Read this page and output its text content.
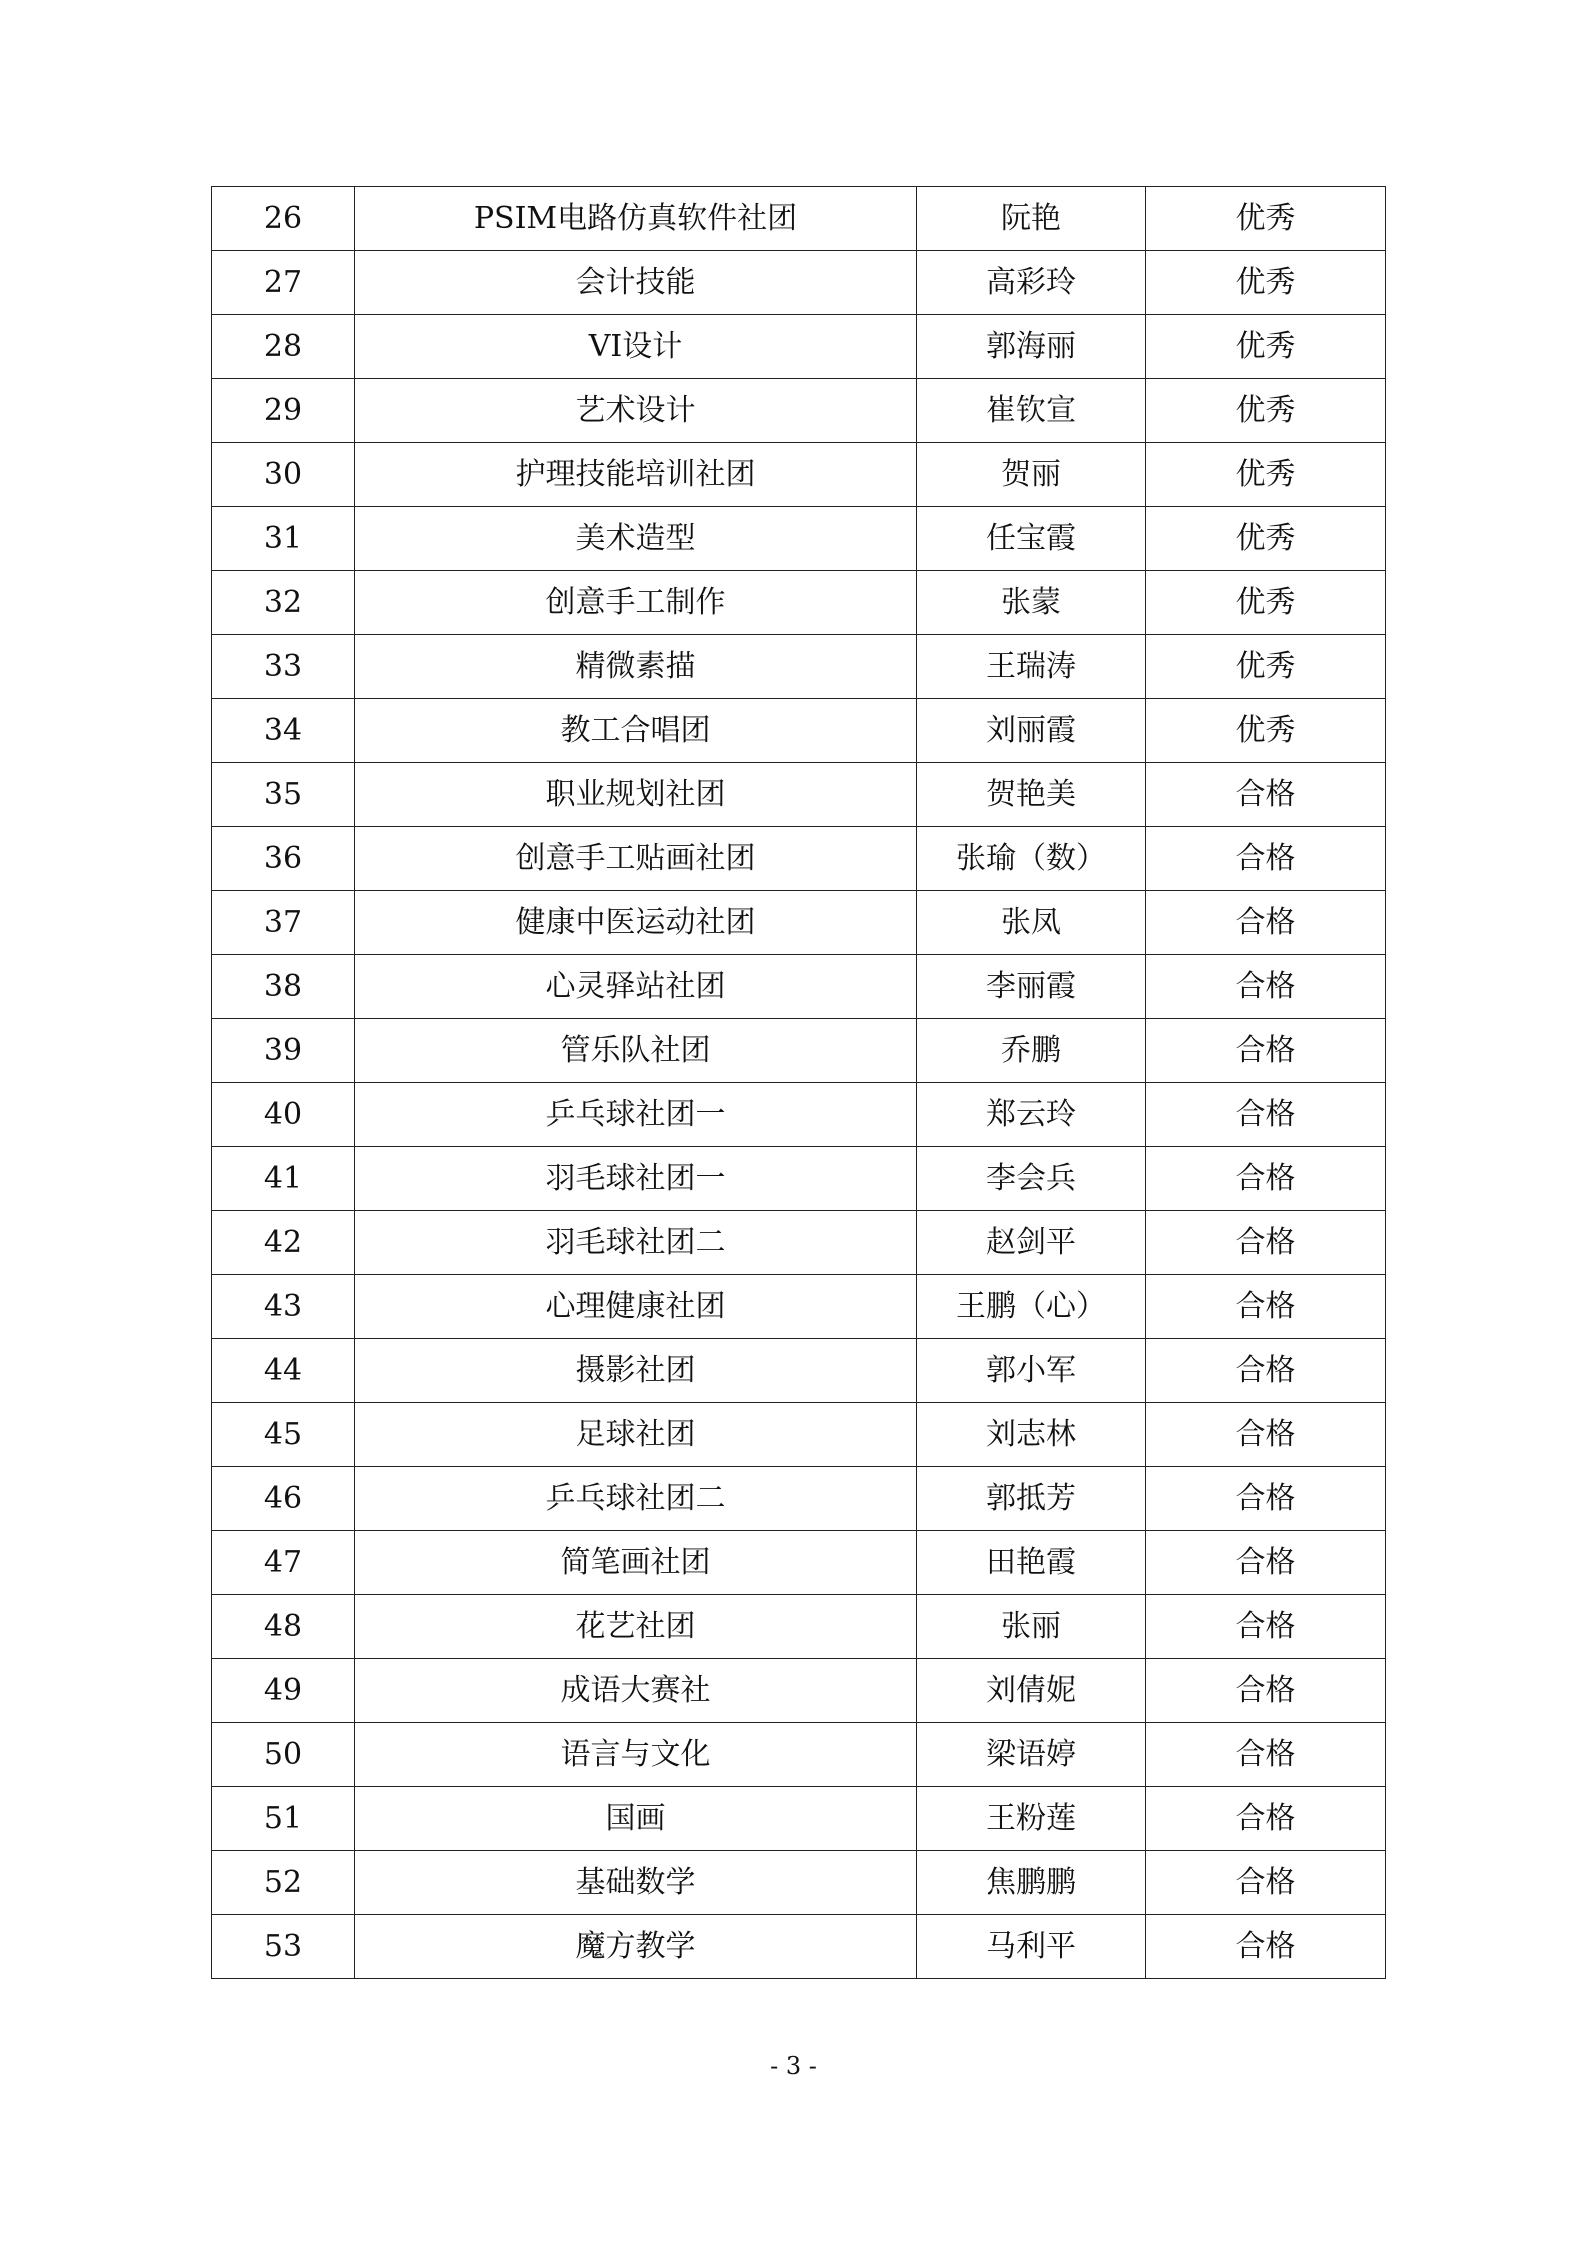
26	PSIM电路仿真软件社团	阮艳	优秀
27	会计技能	高彩玲	优秀
28	VI设计	郭海丽	优秀
29	艺术设计	崔钦宣	优秀
30	护理技能培训社团	贺丽	优秀
31	美术造型	任宝霞	优秀
32	创意手工制作	张蒙	优秀
33	精微素描	王瑞涛	优秀
34	教工合唱团	刘丽霞	优秀
35	职业规划社团	贺艳美	合格
36	创意手工贴画社团	张瑜（数）	合格
37	健康中医运动社团	张凤	合格
38	心灵驿站社团	李丽霞	合格
39	管乐队社团	乔鹏	合格
40	乒乓球社团一	郑云玲	合格
41	羽毛球社团一	李会兵	合格
42	羽毛球社团二	赵剑平	合格
43	心理健康社团	王鹏（心）	合格
44	摄影社团	郭小军	合格
45	足球社团	刘志林	合格
46	乒乓球社团二	郭抵芳	合格
47	简笔画社团	田艳霞	合格
48	花艺社团	张丽	合格
49	成语大赛社	刘倩妮	合格
50	语言与文化	梁语婷	合格
51	国画	王粉莲	合格
52	基础数学	焦鹏鹏	合格
53	魔方教学	马利平	合格
- 3 -
